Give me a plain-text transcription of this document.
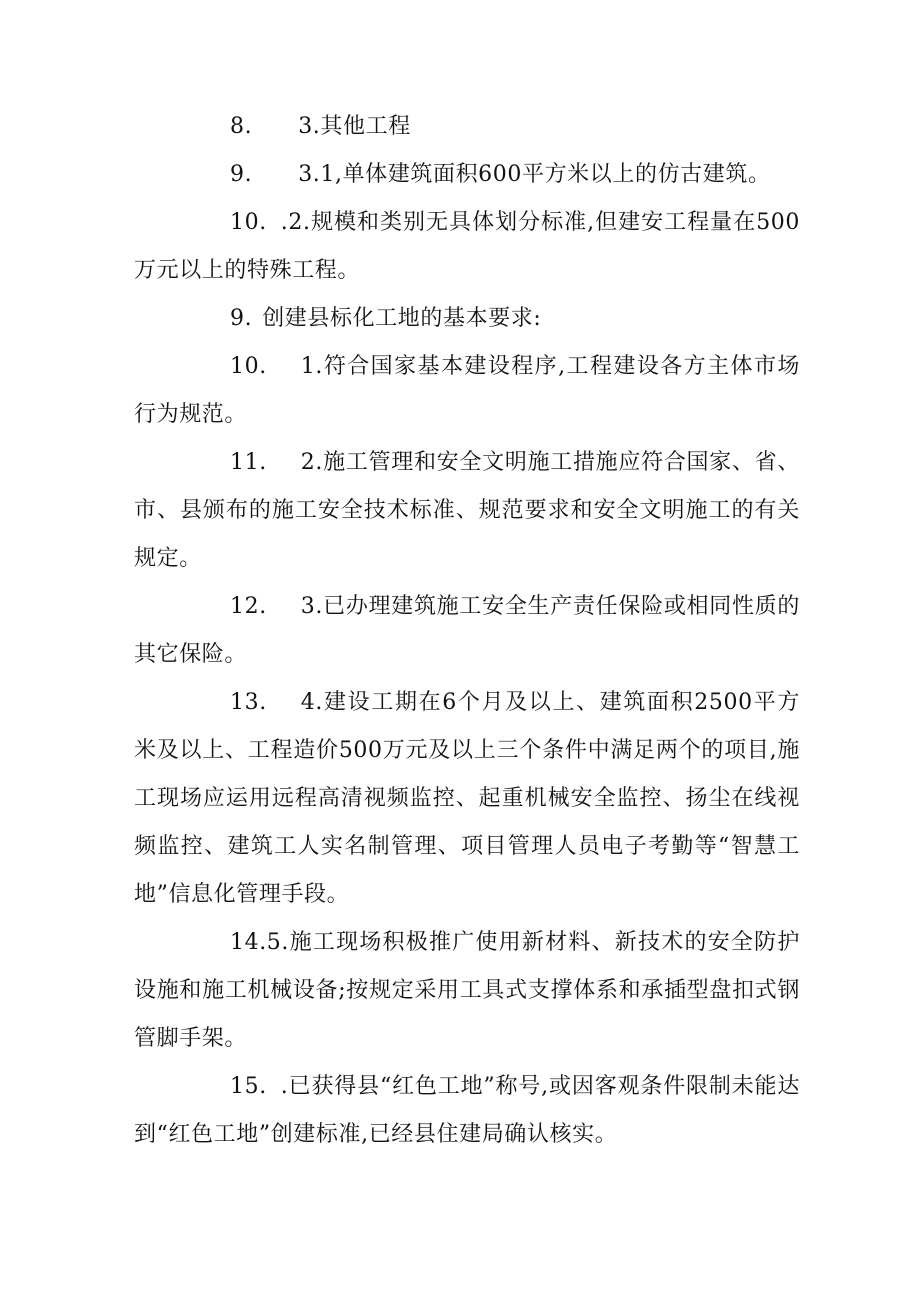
8. 3.其他工程

9. 3.1,单体建筑面积600平方米以上的仿古建筑。

10. .2.规模和类别无具体划分标准,但建安工程量在500万元以上的特殊工程。

9. 创建县标化工地的基本要求:

10. 1.符合国家基本建设程序,工程建设各方主体市场行为规范。

11. 2.施工管理和安全文明施工措施应符合国家、省、市、县颁布的施工安全技术标准、规范要求和安全文明施工的有关规定。

12. 3.已办理建筑施工安全生产责任保险或相同性质的其它保险。

13. 4.建设工期在6个月及以上、建筑面积2500平方米及以上、工程造价500万元及以上三个条件中满足两个的项目,施工现场应运用远程高清视频监控、起重机械安全监控、扬尘在线视频监控、建筑工人实名制管理、项目管理人员电子考勤等“智慧工地”信息化管理手段。

14.5.施工现场积极推广使用新材料、新技术的安全防护设施和施工机械设备;按规定采用工具式支撑体系和承插型盘扣式钢管脚手架。

15. .已获得县“红色工地”称号,或因客观条件限制未能达到“红色工地”创建标准,已经县住建局确认核实。
